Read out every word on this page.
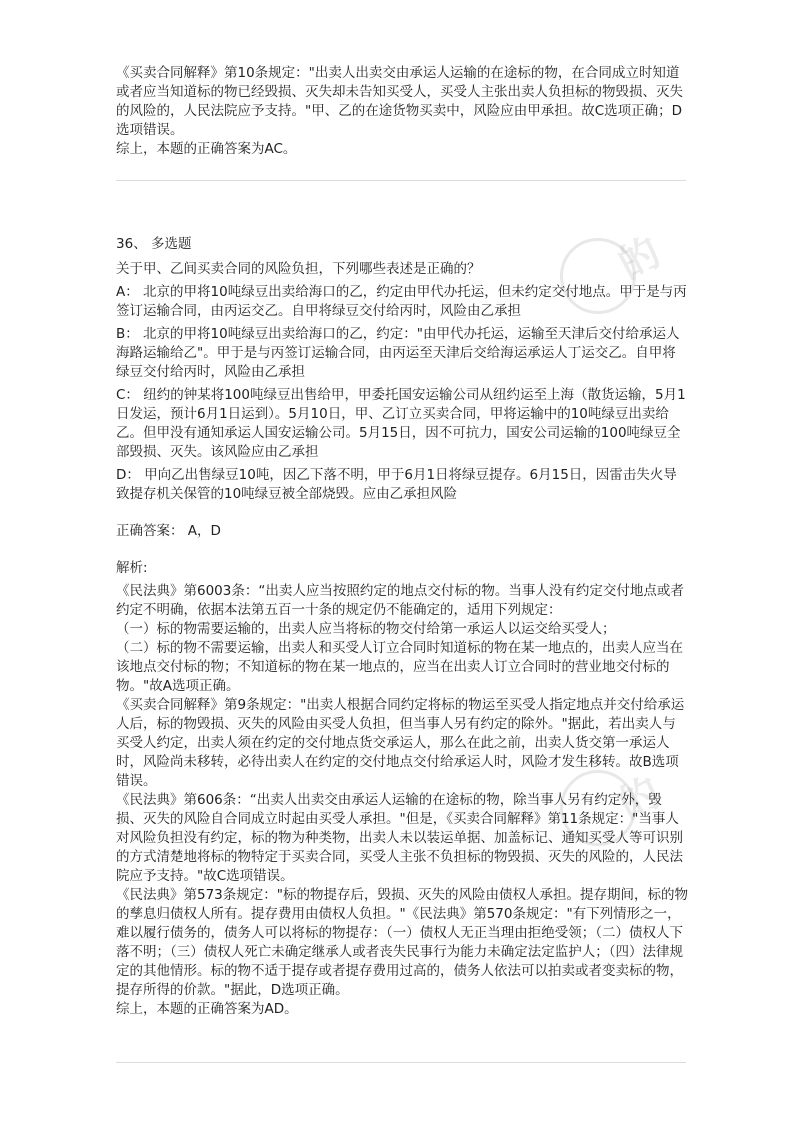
的
的

《买卖合同解释》第10条规定："出卖人出卖交由承运人运输的在途标的物，在合同成立时知道或者应当知道标的物已经毁损、灭失却未告知买受人，买受人主张出卖人负担标的物毁损、灭失的风险的，人民法院应予支持。"甲、乙的在途货物买卖中，风险应由甲承担。故C选项正确；D选项错误。

综上，本题的正确答案为AC。

36、 多选题

关于甲、乙间买卖合同的风险负担，下列哪些表述是正确的？

A： 北京的甲将10吨绿豆出卖给海口的乙，约定由甲代办托运，但未约定交付地点。甲于是与丙签订运输合同，由丙运交乙。自甲将绿豆交付给丙时，风险由乙承担

B： 北京的甲将10吨绿豆出卖给海口的乙，约定："由甲代办托运，运输至天津后交付给承运人海路运输给乙"。甲于是与丙签订运输合同，由丙运至天津后交给海运承运人丁运交乙。自甲将绿豆交付给丙时，风险由乙承担

C： 纽约的钟某将100吨绿豆出售给甲，甲委托国安运输公司从纽约运至上海（散货运输，5月1日发运，预计6月1日运到）。5月10日，甲、乙订立买卖合同，甲将运输中的10吨绿豆出卖给乙。但甲没有通知承运人国安运输公司。5月15日，因不可抗力，国安公司运输的100吨绿豆全部毁损、灭失。该风险应由乙承担

D： 甲向乙出售绿豆10吨，因乙下落不明，甲于6月1日将绿豆提存。6月15日，因雷击失火导致提存机关保管的10吨绿豆被全部烧毁。应由乙承担风险

正确答案： A，D

解析:

《民法典》第6003条：“出卖人应当按照约定的地点交付标的物。当事人没有约定交付地点或者约定不明确，依据本法第五百一十条的规定仍不能确定的，适用下列规定：

（一）标的物需要运输的，出卖人应当将标的物交付给第一承运人以运交给买受人；

（二）标的物不需要运输，出卖人和买受人订立合同时知道标的物在某一地点的，出卖人应当在该地点交付标的物；不知道标的物在某一地点的，应当在出卖人订立合同时的营业地交付标的物。"故A选项正确。

《买卖合同解释》第9条规定："出卖人根据合同约定将标的物运至买受人指定地点并交付给承运人后，标的物毁损、灭失的风险由买受人负担，但当事人另有约定的除外。"据此，若出卖人与买受人约定，出卖人须在约定的交付地点货交承运人，那么在此之前，出卖人货交第一承运人时，风险尚未移转，必待出卖人在约定的交付地点交付给承运人时，风险才发生移转。故B选项错误。

《民法典》第606条：“出卖人出卖交由承运人运输的在途标的物，除当事人另有约定外，毁损、灭失的风险自合同成立时起由买受人承担。"但是，《买卖合同解释》第11条规定："当事人对风险负担没有约定，标的物为种类物，出卖人未以装运单据、加盖标记、通知买受人等可识别的方式清楚地将标的物特定于买卖合同，买受人主张不负担标的物毁损、灭失的风险的，人民法院应予支持。"故C选项错误。

《民法典》第573条规定："标的物提存后，毁损、灭失的风险由债权人承担。提存期间，标的物的孳息归债权人所有。提存费用由债权人负担。"《民法典》第570条规定："有下列情形之一，难以履行债务的，债务人可以将标的物提存：（一）债权人无正当理由拒绝受领；（二）债权人下落不明；（三）债权人死亡未确定继承人或者丧失民事行为能力未确定法定监护人；（四）法律规定的其他情形。标的物不适于提存或者提存费用过高的，债务人依法可以拍卖或者变卖标的物，提存所得的价款。"据此，D选项正确。

综上，本题的正确答案为AD。
